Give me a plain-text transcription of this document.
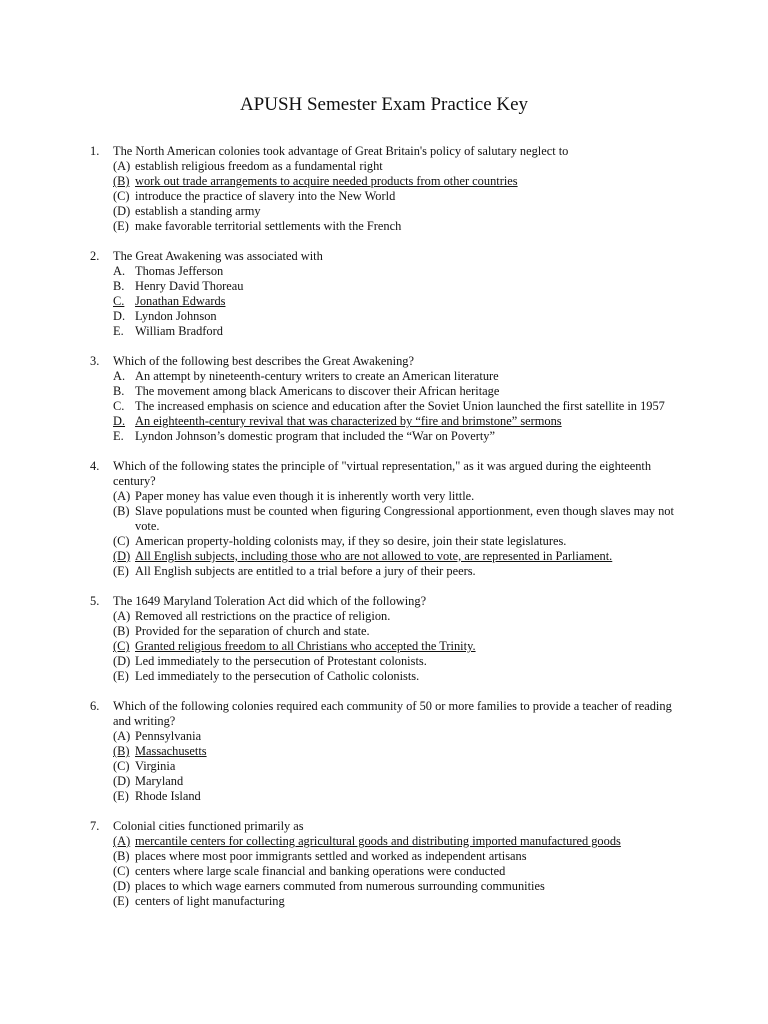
APUSH Semester Exam Practice Key
1. The North American colonies took advantage of Great Britain's policy of salutary neglect to
(A) establish religious freedom as a fundamental right
(B) work out trade arrangements to acquire needed products from other countries
(C) introduce the practice of slavery into the New World
(D) establish a standing army
(E) make favorable territorial settlements with the French
2. The Great Awakening was associated with
A. Thomas Jefferson
B. Henry David Thoreau
C. Jonathan Edwards
D. Lyndon Johnson
E. William Bradford
3. Which of the following best describes the Great Awakening?
A. An attempt by nineteenth-century writers to create an American literature
B. The movement among black Americans to discover their African heritage
C. The increased emphasis on science and education after the Soviet Union launched the first satellite in 1957
D. An eighteenth-century revival that was characterized by “fire and brimstone” sermons
E. Lyndon Johnson’s domestic program that included the “War on Poverty”
4. Which of the following states the principle of "virtual representation," as it was argued during the eighteenth century?
(A) Paper money has value even though it is inherently worth very little.
(B) Slave populations must be counted when figuring Congressional apportionment, even though slaves may not vote.
(C) American property-holding colonists may, if they so desire, join their state legislatures.
(D) All English subjects, including those who are not allowed to vote, are represented in Parliament.
(E) All English subjects are entitled to a trial before a jury of their peers.
5. The 1649 Maryland Toleration Act did which of the following?
(A) Removed all restrictions on the practice of religion.
(B) Provided for the separation of church and state.
(C) Granted religious freedom to all Christians who accepted the Trinity.
(D) Led immediately to the persecution of Protestant colonists.
(E) Led immediately to the persecution of Catholic colonists.
6. Which of the following colonies required each community of 50 or more families to provide a teacher of reading and writing?
(A) Pennsylvania
(B) Massachusetts
(C) Virginia
(D) Maryland
(E) Rhode Island
7. Colonial cities functioned primarily as
(A) mercantile centers for collecting agricultural goods and distributing imported manufactured goods
(B) places where most poor immigrants settled and worked as independent artisans
(C) centers where large scale financial and banking operations were conducted
(D) places to which wage earners commuted from numerous surrounding communities
(E) centers of light manufacturing
